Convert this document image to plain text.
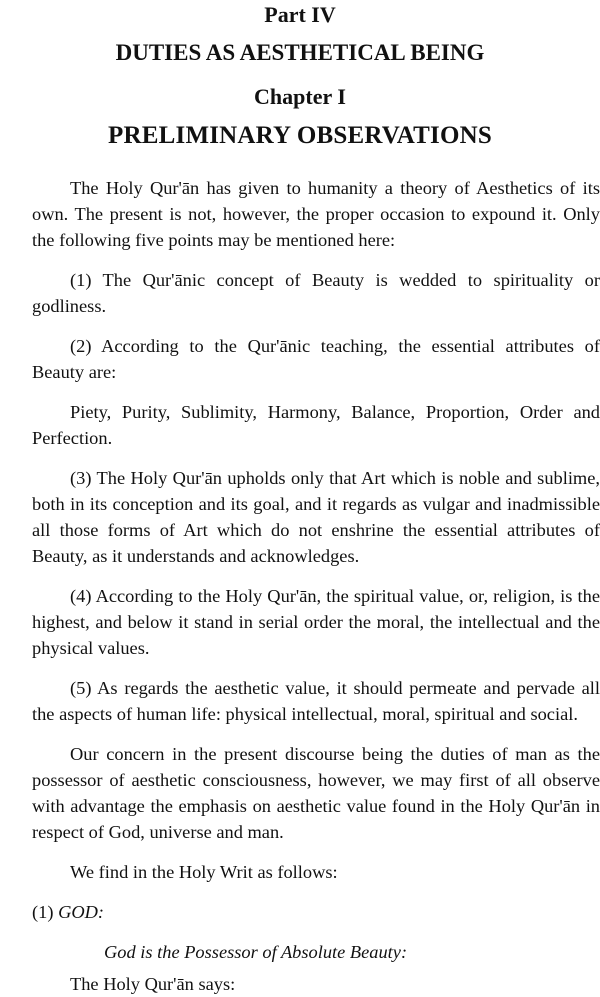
Part IV
DUTIES AS AESTHETICAL BEING
Chapter I
PRELIMINARY OBSERVATIONS

The Holy Qur'ān has given to humanity a theory of Aesthetics of its own. The present is not, however, the proper occasion to expound it. Only the following five points may be mentioned here:

(1) The Qur'ānic concept of Beauty is wedded to spirituality or godliness.

(2) According to the Qur'ānic teaching, the essential attributes of Beauty are:

Piety, Purity, Sublimity, Harmony, Balance, Proportion, Order and Perfection.

(3) The Holy Qur'ān upholds only that Art which is noble and sublime, both in its conception and its goal, and it regards as vulgar and inadmissible all those forms of Art which do not enshrine the essential attributes of Beauty, as it understands and acknowledges.

(4) According to the Holy Qur'ān, the spiritual value, or, religion, is the highest, and below it stand in serial order the moral, the intellectual and the physical values.

(5) As regards the aesthetic value, it should permeate and pervade all the aspects of human life: physical intellectual, moral, spiritual and social.

Our concern in the present discourse being the duties of man as the possessor of aesthetic consciousness, however, we may first of all observe with advantage the emphasis on aesthetic value found in the Holy Qur'ān in respect of God, universe and man.

We find in the Holy Writ as follows:

(1) GOD:

God is the Possessor of Absolute Beauty:

The Holy Qur'ān says:
